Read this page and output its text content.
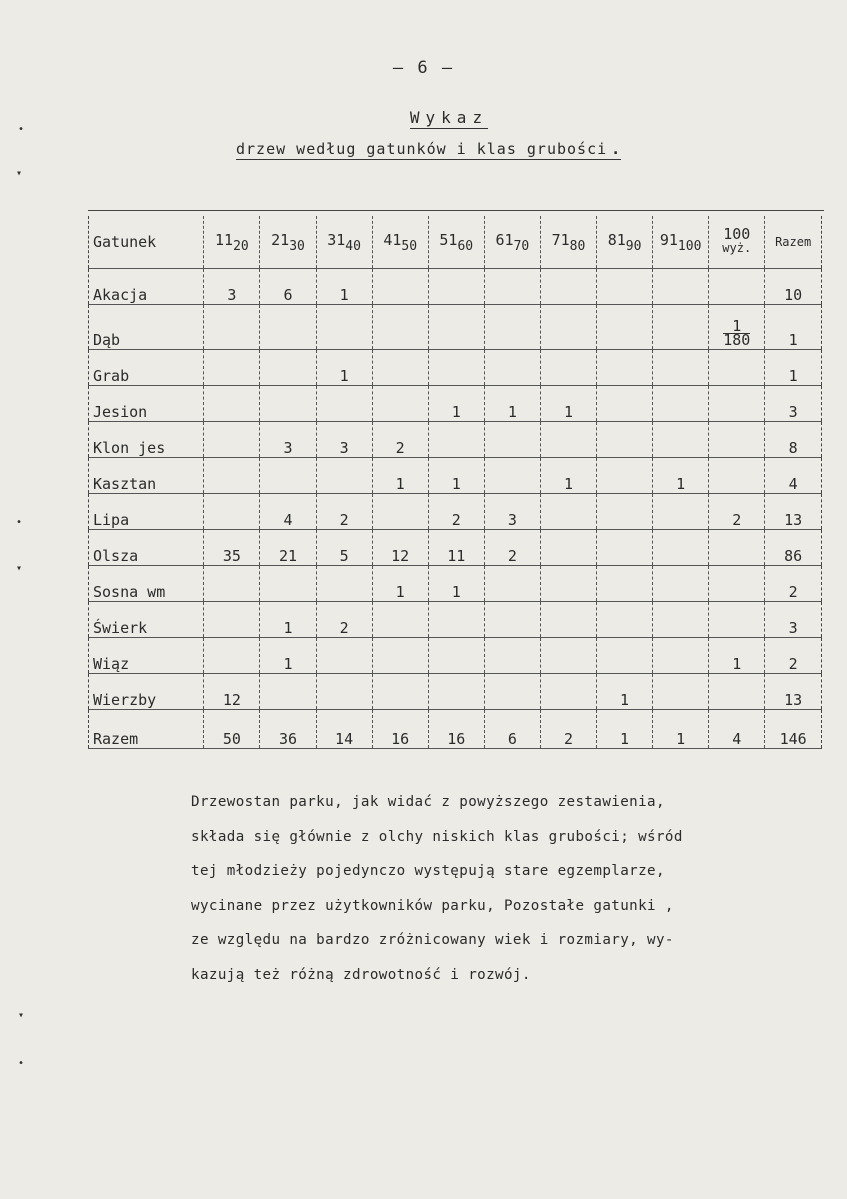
— 6 —
Wykaz
drzew według gatunków i klas grubości .
Gatunek	1120	2130	3140	4150	5160	6170	7180	8190	91100	100
wyż.	Razem
Akacja	3	6	1								10
Dąb										$\frac{1}{180}$	1
Grab			1								1
Jesion					1	1	1				3
Klon jes		3	3	2							8
Kasztan				1	1		1		1		4
Lipa		4	2		2	3				2	13
Olsza	35	21	5	12	11	2					86
Sosna wm				1	1						2
Świerk		1	2								3
Wiąz		1								1	2
Wierzby	12							1			13
Razem	50	36	14	16	16	6	2	1	1	4	146

Drzewostan parku, jak widać z powyższego zestawienia,

składa się głównie z olchy niskich klas grubości; wśród

tej młodzieży pojedynczo występują stare egzemplarze,

wycinane przez użytkowników parku, Pozostałe gatunki ,

ze względu na bardzo zróżnicowany wiek i rozmiary, wy-

kazują też różną zdrowotność i rozwój.

•
▾
•
▾
▾
•
